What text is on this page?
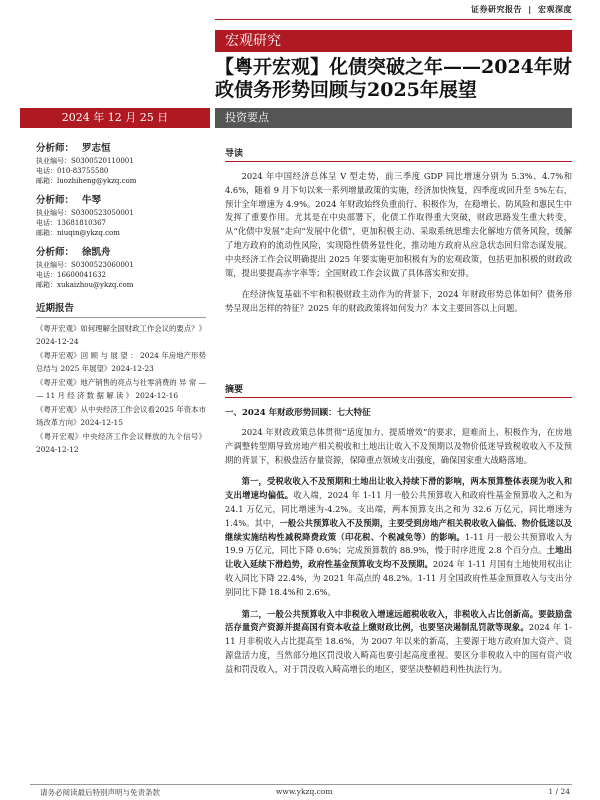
证券研究报告 | 宏观深度
宏观研究
【粤开宏观】化债突破之年——2024年财政债务形势回顾与2025年展望
2024 年 12 月 25 日	投资要点
分析师： 罗志恒
执业编号：S0300520110001
电话：010-83755580
邮箱：luozhiheng@ykzq.com
分析师： 牛琴
执业编号：S0300523050001
电话：13681810367
邮箱：niuqin@ykzq.com
分析师： 徐凯舟
执业编号：S0300523060001
电话：16600041632
邮箱：xukaizhou@ykzq.com
近期报告
《粤开宏观》如何理解全国财政工作会议的要点？》2024-12-24
《粤开宏观》回 顾 与 展 望 ： 2024 年房地产形势总结与 2025 年展望》2024-12-23
《粤开宏观》地产销售的亮点与社零消费的 异 常 — — 11 月 经 济 数 据 解 读 》 2024-12-16
《粤开宏观》从中央经济工作会议看2025 年资本市场改革方向》2024-12-15
《粤开宏观》中央经济工作会议释放的九个信号》2024-12-12
导读
2024 年中国经济总体呈 V 型走势，前三季度 GDP 同比增速分别为 5.3%、4.7%和 4.6%，随着 9 月下旬以来一系列增量政策的实施，经济加快恢复，四季度或回升至 5%左右，预计全年增速为 4.9%。2024 年财政始终负重前行、积极作为，在稳增长、防风险和惠民生中发挥了重要作用。尤其是在中央部署下，化债工作取得重大突破，财政思路发生重大转变，从“化债中发展”走向“发展中化债”，更加积极主动、采取系统思维去化解地方债务风险，缓解了地方政府的流动性风险，实现隐性债务显性化，推动地方政府从应急状态回归常态谋发展。中央经济工作会议明确提出 2025 年要实施更加积极有为的宏观政策，包括更加积极的财政政策，提出要提高赤字率等；全国财政工作会议做了具体落实和安排。
在经济恢复基础不牢和积极财政主动作为的背景下，2024 年财政形势总体如何？债务形势呈现出怎样的特征？2025 年的财政政策将如何发力？本文主要回答以上问题。
摘要
一、2024 年财政形势回顾：七大特征
2024 年财政政策总体贯彻“适度加力、提质增效”的要求，迎难而上、积极作为，在房地产调整转型期导致房地产相关税收和土地出让收入不及预期以及物价低迷导致税收收入不及预期的背景下，积极盘活存量资源，保障重点领域支出强度，确保国家重大战略落地。
第一，受税收收入不及预期和土地出让收入持续下滑的影响，两本预算整体表现为收入和支出增速均偏低。收入端，2024 年 1-11 月一般公共预算收入和政府性基金预算收入之和为 24.1 万亿元，同比增速为-4.2%。支出端，两本预算支出之和为 32.6 万亿元，同比增速为 1.4%。其中，一般公共预算收入不及预期，主要受到房地产相关税收收入偏低、物价低迷以及继续实施结构性减税降费政策（印花税、个税减免等）的影响。1-11 月一般公共预算收入为 19.9 万亿元，同比下降 0.6%；完成预算数的 88.9%，慢于时序进度 2.8 个百分点。土地出让收入延续下滑趋势，政府性基金预算收支均不及预期。2024 年 1-11 月国有土地使用权出让收入同比下降 22.4%，为 2021 年高点的 48.2%。1-11 月全国政府性基金预算收入与支出分别同比下降 18.4%和 2.6%。
第二，一般公共预算收入中非税收入增速远超税收收入，非税收入占比创新高。要鼓励盘活存量资产资源并提高国有资本收益上缴财政比例，也要坚决遏制乱罚款等现象。2024 年 1-11 月非税收入占比提高至 18.6%，为 2007 年以来的新高，主要源于地方政府加大资产、资源盘活力度，当然部分地区罚没收入畸高也要引起高度重视。要区分非税收入中的国有资产收益和罚没收入，对于罚没收入畸高增长的地区，要坚决整顿趋利性执法行为。
请务必阅读最后特别声明与免责条款	www.ykzq.com	1 / 24
